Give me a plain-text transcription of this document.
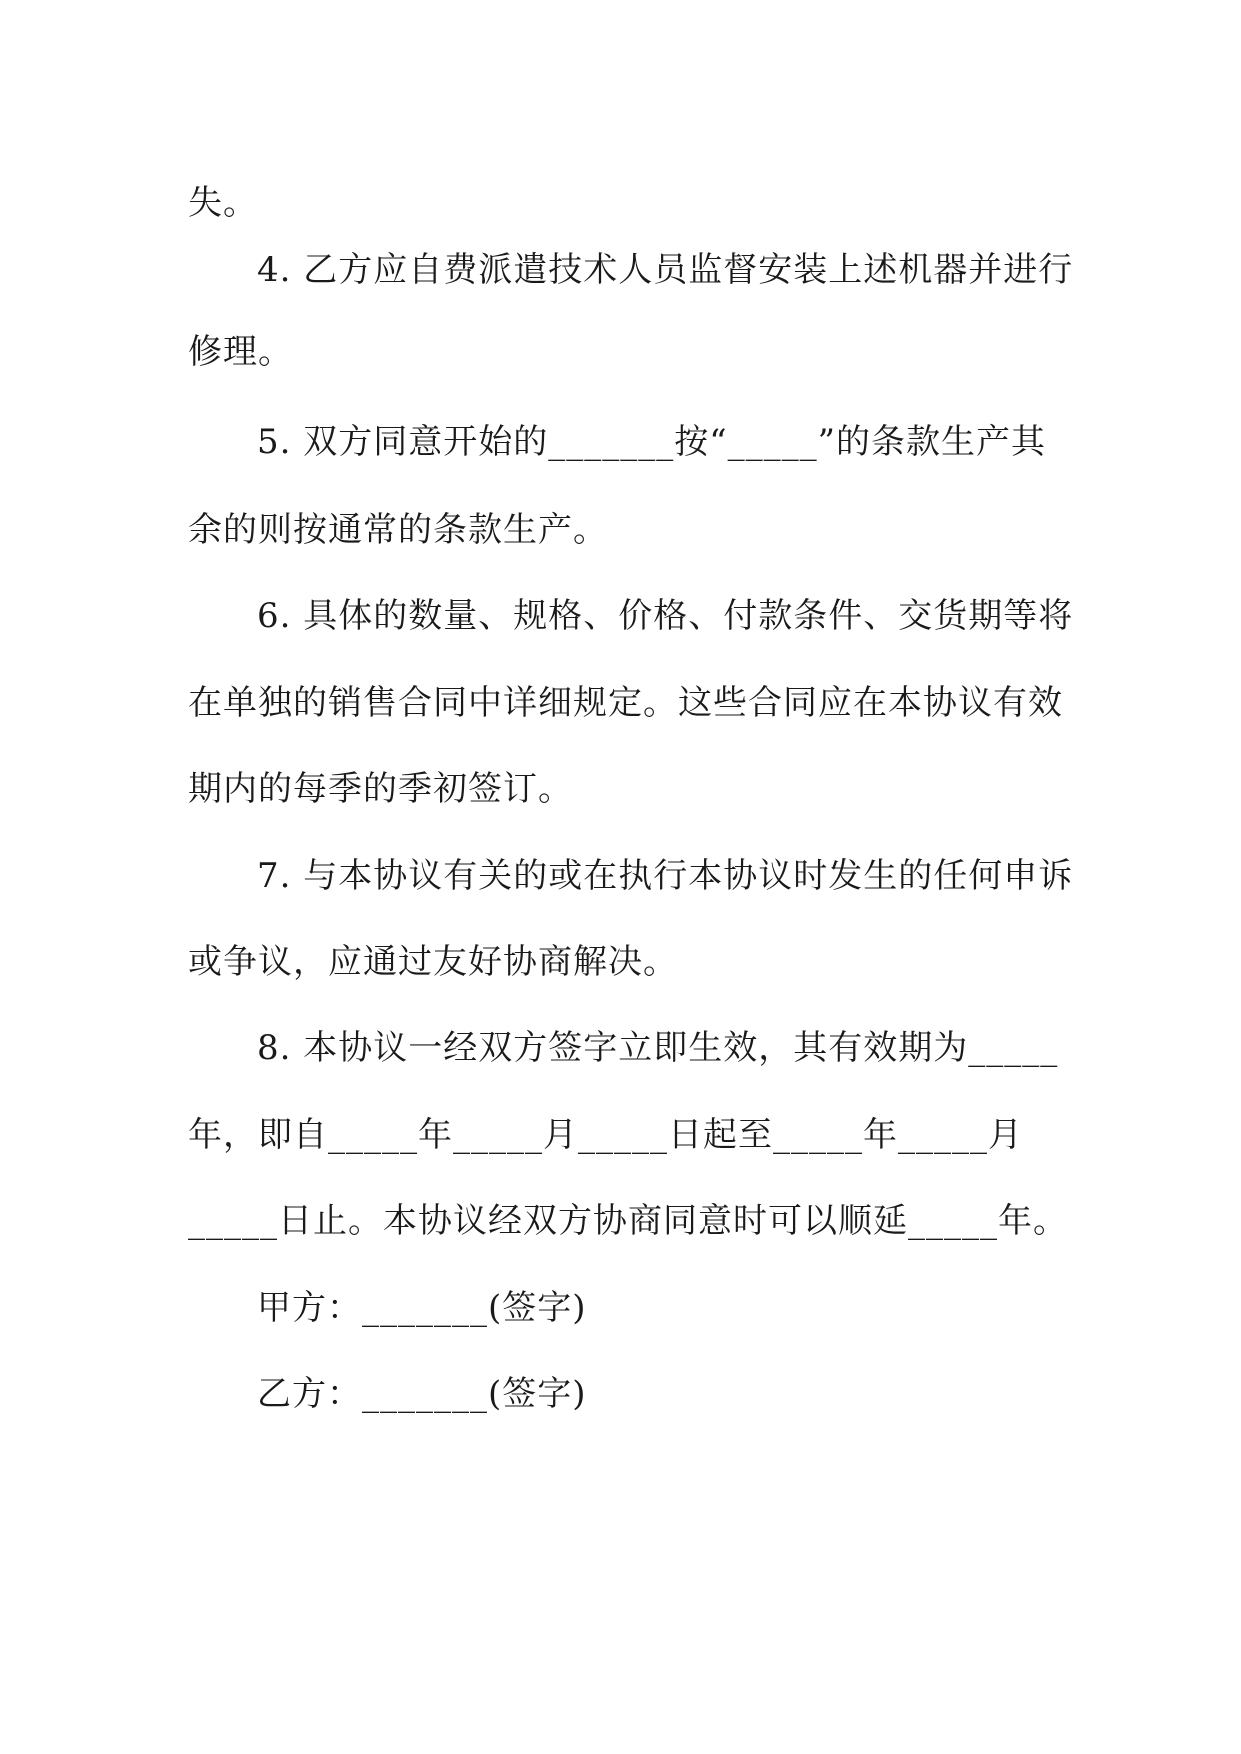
失。
4. 乙方应自费派遣技术人员监督安装上述机器并进行
修理。
5. 双方同意开始的_______按“_____”的条款生产其
余的则按通常的条款生产。
6. 具体的数量、规格、价格、付款条件、交货期等将
在单独的销售合同中详细规定。这些合同应在本协议有效
期内的每季的季初签订。
7. 与本协议有关的或在执行本协议时发生的任何申诉
或争议，应通过友好协商解决。
8. 本协议一经双方签字立即生效，其有效期为_____
年，即自_____年_____月_____日起至_____年_____月
_____日止。本协议经双方协商同意时可以顺延_____年。
甲方：_______(签字)
乙方：_______(签字)
